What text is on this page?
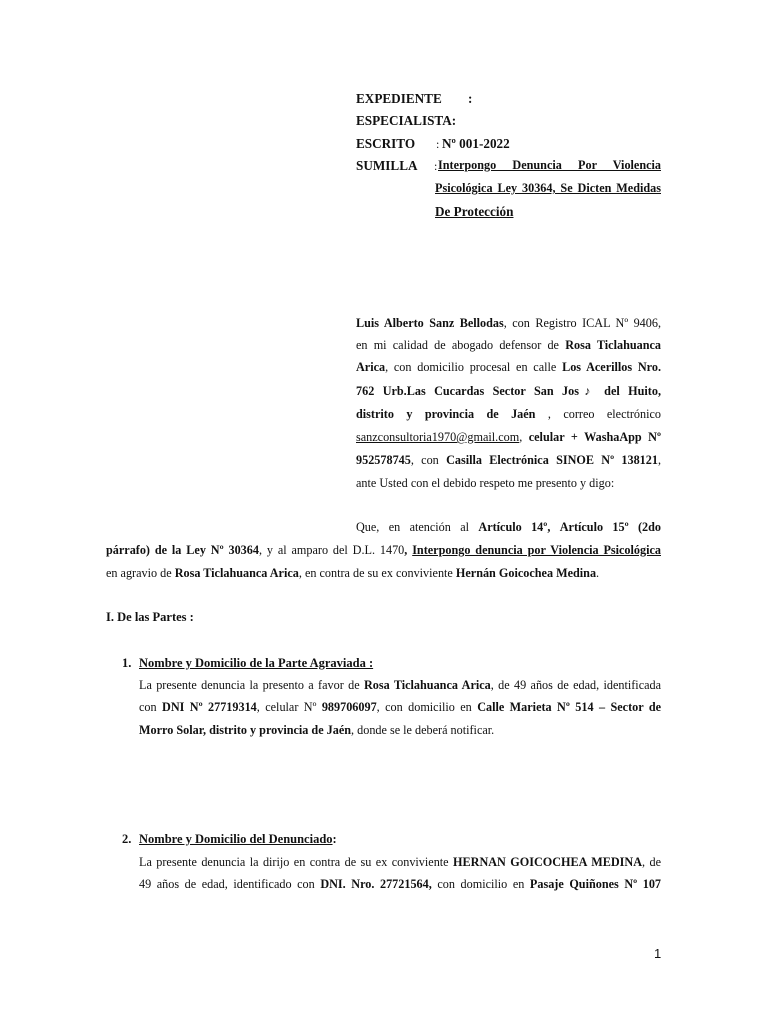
EXPEDIENTE :
ESPECIALISTA:
ESCRITO : Nº 001-2022
SUMILLA : Interpongo Denuncia Por Violencia
Psicológica Ley 30364, Se Dicten Medidas
De Protección
Luis Alberto Sanz Bellodas, con Registro ICAL Nº 9406,
en mi calidad de abogado defensor de Rosa Ticlahuanca
Arica, con domicilio procesal en calle Los Acerillos Nro.
762 Urb.Las Cucardas Sector San Jos♪ del Huito,
distrito y provincia de Jaén , correo electrónico
sanzconsultoria1970@gmail.com, celular + WashaApp Nº
952578745, con Casilla Electrónica SINOE Nº 138121,
ante Usted con el debido respeto me presento y digo:
Que, en atención al Artículo 14º, Artículo 15º (2do
párrafo) de la Ley Nº 30364, y al amparo del D.L. 1470, Interpongo denuncia por Violencia Psicológica
en agravio de Rosa Ticlahuanca Arica, en contra de su ex conviviente Hernán Goicochea Medina.
I. De las Partes :
1. Nombre y Domicilio de la Parte Agraviada :
La presente denuncia la presento a favor de Rosa Ticlahuanca Arica, de 49 años de edad, identificada
con DNI Nº 27719314, celular Nº 989706097, con domicilio en Calle Marieta Nº 514 – Sector de
Morro Solar, distrito y provincia de Jaén, donde se le deberá notificar.
2. Nombre y Domicilio del Denunciado:
La presente denuncia la dirijo en contra de su ex conviviente HERNAN GOICOCHEA MEDINA, de
49 años de edad, identificado con DNI. Nro. 27721564, con domicilio en Pasaje Quiñones Nº 107
1
